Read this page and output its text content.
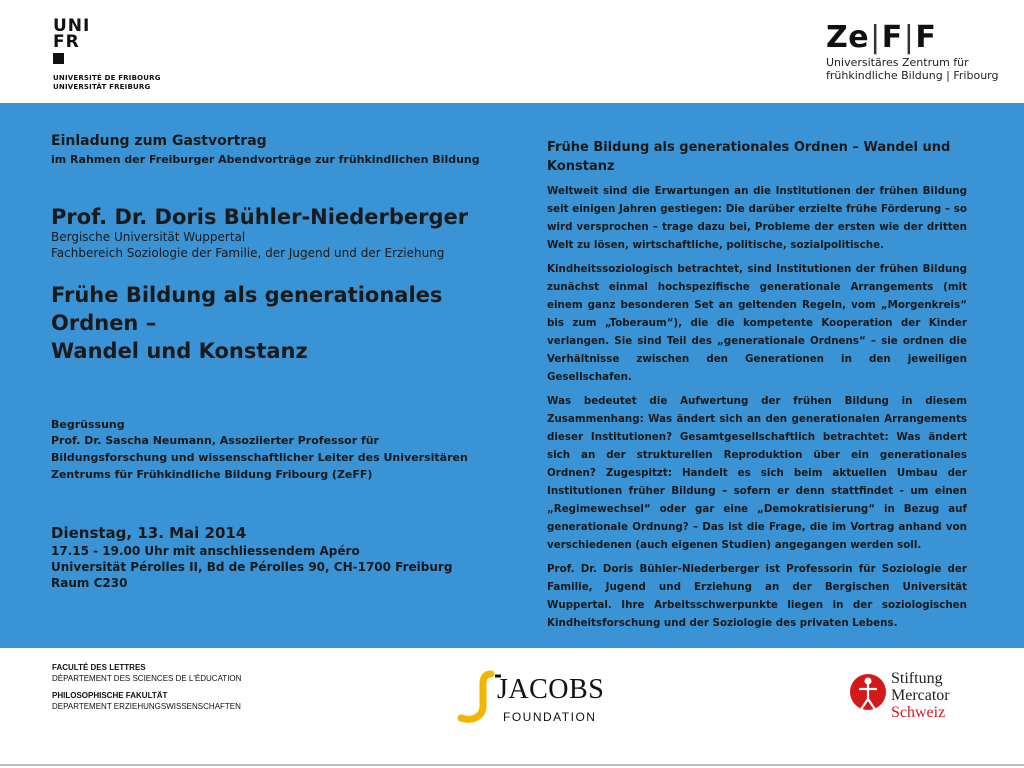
UNI
FR
UNIVERSITÉ DE FRIBOURG
UNIVERSITÄT FREIBURG
Ze|F|F
Universitäres Zentrum für
frühkindliche Bildung | Fribourg
Einladung zum Gastvortrag
im Rahmen der Freiburger Abendvorträge zur frühkindlichen Bildung
Prof. Dr. Doris Bühler-Niederberger
Bergische Universität Wuppertal
Fachbereich Soziologie der Familie, der Jugend und der Erziehung
Frühe Bildung als generationales Ordnen –
Wandel und Konstanz
Begrüssung
Prof. Dr. Sascha Neumann, Assoziierter Professor für Bildungsforschung und wissenschaftlicher Leiter des Universitären Zentrums für Frühkindliche Bildung Fribourg (ZeFF)
Dienstag, 13. Mai 2014
17.15 - 19.00 Uhr mit anschliessendem Apéro
Universität Pérolles II, Bd de Pérolles 90, CH-1700 Freiburg
Raum C230
Frühe Bildung als generationales Ordnen – Wandel und Konstanz
Weltweit sind die Erwartungen an die Institutionen der frühen Bildung seit einigen Jahren gestiegen: Die darüber erzielte frühe Förderung – so wird versprochen – trage dazu bei, Probleme der ersten wie der dritten Welt zu lösen, wirtschaftliche, politische, sozialpolitische.
Kindheitssoziologisch betrachtet, sind Institutionen der frühen Bildung zunächst einmal hochspezifische generationale Arrangements (mit einem ganz besonderen Set an geltenden Regeln, vom „Morgenkreis“ bis zum „Toberaum“), die die kompetente Kooperation der Kinder verlangen. Sie sind Teil des „generationale Ordnens“ – sie ordnen die Verhältnisse zwischen den Generationen in den jeweiligen Gesellschafen.
Was bedeutet die Aufwertung der frühen Bildung in diesem Zusammenhang: Was ändert sich an den generationalen Arrangements dieser Institutionen? Gesamtgesellschaftlich betrachtet: Was ändert sich an der strukturellen Reproduktion über ein generationales Ordnen? Zugespitzt: Handelt es sich beim aktuellen Umbau der Institutionen früher Bildung – sofern er denn stattfindet - um einen „Regimewechsel“ oder gar eine „Demokratisierung“ in Bezug auf generationale Ordnung? – Das ist die Frage, die im Vortrag anhand von verschiedenen (auch eigenen Studien) angegangen werden soll.
Prof. Dr. Doris Bühler-Niederberger ist Professorin für Soziologie der Familie, Jugend und Erziehung an der Bergischen Universität Wuppertal. Ihre Arbeitsschwerpunkte liegen in der soziologischen Kindheitsforschung und der Soziologie des privaten Lebens.
FACULTÉ DES LETTRES
DÉPARTEMENT DES SCIENCES DE L'ÉDUCATION
PHILOSOPHISCHE FAKULTÄT
DEPARTEMENT ERZIEHUNGSWISSENSCHAFTEN
JACOBS
FOUNDATION
Stiftung
Mercator
Schweiz
